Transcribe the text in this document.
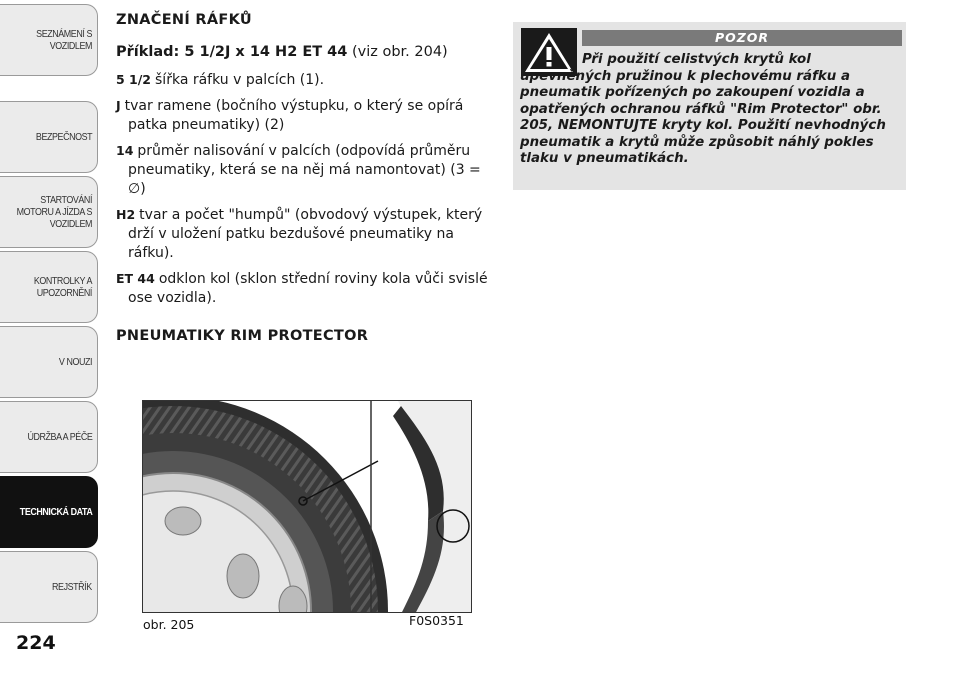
SEZNÁMENÍ S VOZIDLEM
BEZPEČNOST
STARTOVÁNÍ MOTORU A JÍZDA S VOZIDLEM
KONTROLKY A UPOZORNĚNÍ
V NOUZI
ÚDRŽBA A PÉČE
TECHNICKÁ DATA
REJSTŘÍK
224
ZNAČENÍ RÁFKŮ
Příklad: 5 1/2J x 14 H2 ET 44 (viz obr. 204)
5 1/2 šířka ráfku v palcích (1).
J tvar ramene (bočního výstupku, o který se opírá patka pneumatiky) (2)
14 průměr nalisování v palcích (odpovídá průměru pneumatiky, která se na něj má namontovat) (3 = ∅)
H2 tvar a počet "humpů" (obvodový výstupek, který drží v uložení patku bezdušové pneumatiky na ráfku).
ET 44 odklon kol (sklon střední roviny kola vůči svislé ose vozidla).
PNEUMATIKY RIM PROTECTOR
POZOR
Při použití celistvých krytů kol upevněných pružinou k plechovému ráfku a pneumatik pořízených po zakoupení vozidla a opatřených ochranou ráfků "Rim Protector" obr. 205, NEMONTUJTE kryty kol. Použití nevhodných pneumatik a krytů může způsobit náhlý pokles tlaku v pneumatikách.
obr. 205	F0S0351
